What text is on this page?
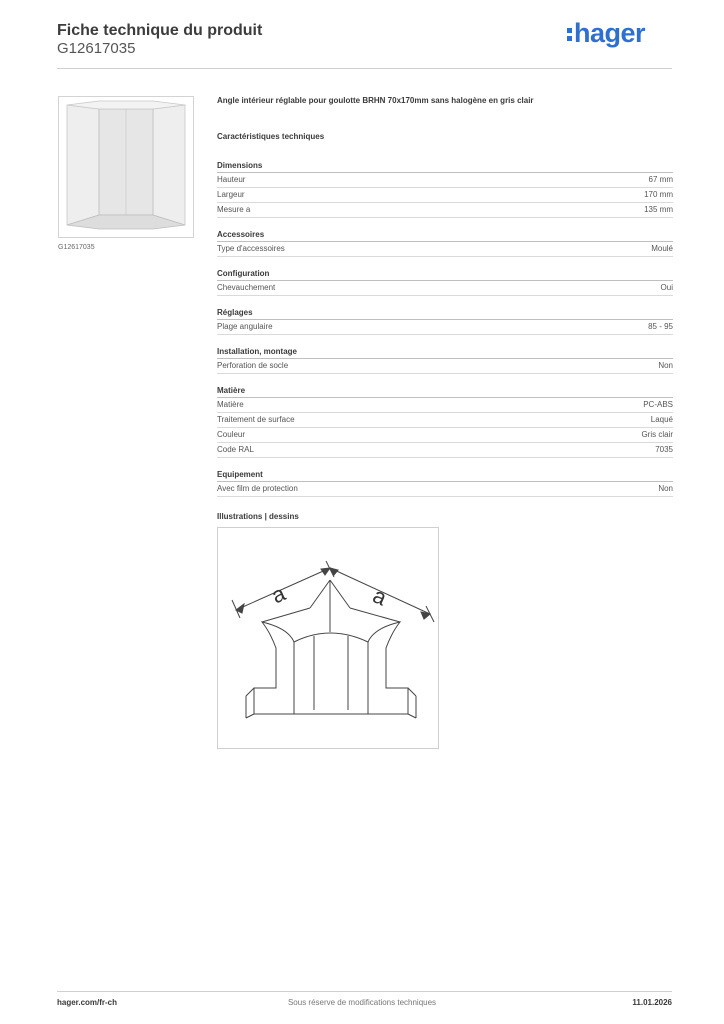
Fiche technique du produit
G12617035
hager
G12617035
Angle intérieur réglable pour goulotte BRHN 70x170mm sans halogène en gris clair
Caractéristiques techniques
Dimensions
Hauteur	67 mm
Largeur	170 mm
Mesure a	135 mm
Accessoires
Type d'accessoires	Moulé
Configuration
Chevauchement	Oui
Réglages
Plage angulaire	85 - 95
Installation, montage
Perforation de socle	Non
Matière
Matière	PC-ABS
Traitement de surface	Laqué
Couleur	Gris clair
Code RAL	7035
Equipement
Avec film de protection	Non
Illustrations | dessins
a	a
hager.com/fr-ch	Sous réserve de modifications techniques	11.01.2026
